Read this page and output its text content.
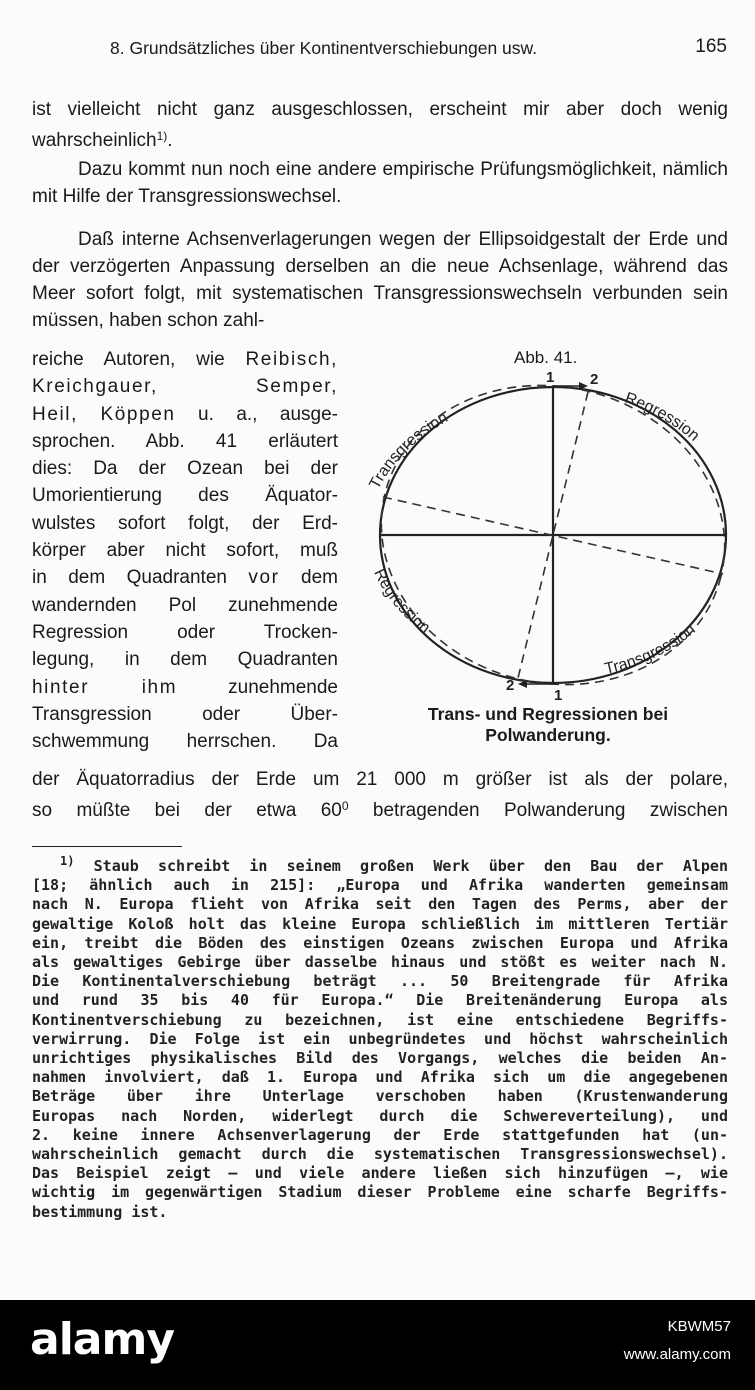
8. Grundsätzliches über Kontinentverschiebungen usw.	165
ist vielleicht nicht ganz ausgeschlossen, erscheint mir aber doch wenig wahrscheinlich$^{1)}$.
Dazu kommt nun noch eine andere empirische Prüfungsmöglichkeit, nämlich mit Hilfe der Transgressionswechsel.
Daß interne Achsenverlagerungen wegen der Ellipsoidgestalt der Erde und der verzögerten Anpassung derselben an die neue Achsenlage, während das Meer sofort folgt, mit systematischen Transgressionswechseln verbunden sein müssen, haben schon zahl-
reiche Autoren, wie Reibisch,
Kreichgauer,	Semper,
Heil, Köppen u. a., ausge-
sprochen. Abb. 41 erläutert
dies: Da der Ozean bei der
Umorientierung des Äquator-
wulstes sofort folgt, der Erd-
körper aber nicht sofort, muß
in dem Quadranten vor dem
wandernden Pol zunehmende
Regression oder Trocken-
legung, in dem Quadranten
hinter ihm	zunehmende
Transgression oder Über-
schwemmung herrschen. Da
Abb. 41.
1 2
1
2
Transgression
Regression
Regression
Transgression
Trans- und Regressionen bei
Polwanderung.
der Äquatorradius der Erde um 21 000 m größer ist als der polare,
so müßte bei der etwa $60^0$ betragenden Polwanderung zwischen
$^{1)}$ Staub schreibt in seinem großen Werk über den Bau der Alpen
[18; ähnlich auch in 215]: „Europa und Afrika wanderten gemeinsam
nach N. Europa flieht von Afrika seit den Tagen des Perms, aber der
gewaltige Koloß holt das kleine Europa schließlich im mittleren Tertiär
ein, treibt die Böden des einstigen Ozeans zwischen Europa und Afrika
als gewaltiges Gebirge über dasselbe hinaus und stößt es weiter nach N.
Die Kontinentalverschiebung beträgt ... 50 Breitengrade für Afrika
und rund 35 bis 40 für Europa.“ Die Breitenänderung Europa als
Kontinentverschiebung zu bezeichnen, ist eine entschiedene Begriffs-
verwirrung. Die Folge ist ein unbegründetes und höchst wahrscheinlich
unrichtiges physikalisches Bild des Vorgangs, welches die beiden An-
nahmen involviert, daß 1. Europa und Afrika sich um die angegebenen
Beträge über ihre Unterlage verschoben haben (Krustenwanderung
Europas nach Norden, widerlegt durch die Schwereverteilung), und
2. keine innere Achsenverlagerung der Erde stattgefunden hat (un-
wahrscheinlich gemacht durch die systematischen Transgressionswechsel).
Das Beispiel zeigt — und viele andere ließen sich hinzufügen —, wie
wichtig im gegenwärtigen Stadium dieser Probleme eine scharfe Begriffs-
bestimmung ist.
alamy	KBWM57
www.alamy.com
